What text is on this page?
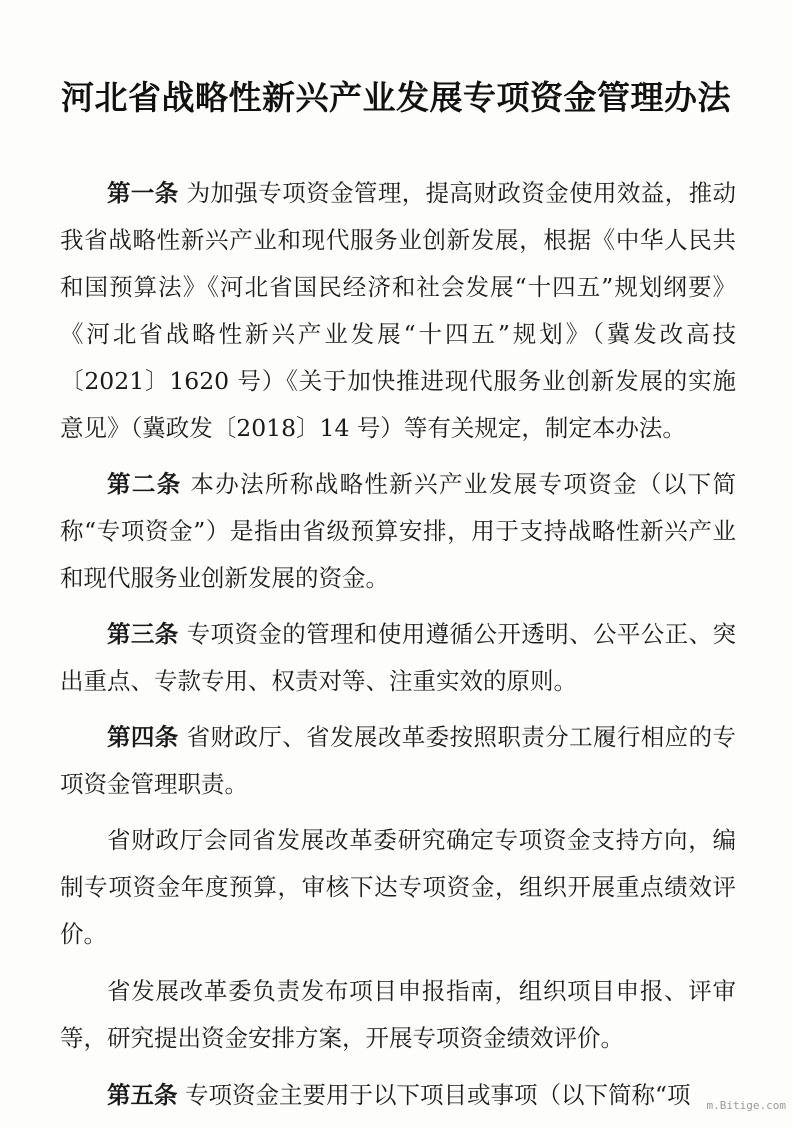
河北省战略性新兴产业发展专项资金管理办法

第一条 为加强专项资金管理，提高财政资金使用效益，推动我省战略性新兴产业和现代服务业创新发展，根据《中华人民共和国预算法》《河北省国民经济和社会发展“十四五”规划纲要》《河北省战略性新兴产业发展“十四五”规划》（冀发改高技〔2021〕1620 号）《关于加快推进现代服务业创新发展的实施意见》（冀政发〔2018〕14 号）等有关规定，制定本办法。

第二条 本办法所称战略性新兴产业发展专项资金（以下简称“专项资金”）是指由省级预算安排，用于支持战略性新兴产业和现代服务业创新发展的资金。

第三条 专项资金的管理和使用遵循公开透明、公平公正、突出重点、专款专用、权责对等、注重实效的原则。

第四条 省财政厅、省发展改革委按照职责分工履行相应的专项资金管理职责。

省财政厅会同省发展改革委研究确定专项资金支持方向，编制专项资金年度预算，审核下达专项资金，组织开展重点绩效评价。

省发展改革委负责发布项目申报指南，组织项目申报、评审等，研究提出资金安排方案，开展专项资金绩效评价。

第五条 专项资金主要用于以下项目或事项（以下简称“项	m.Bitige.com
